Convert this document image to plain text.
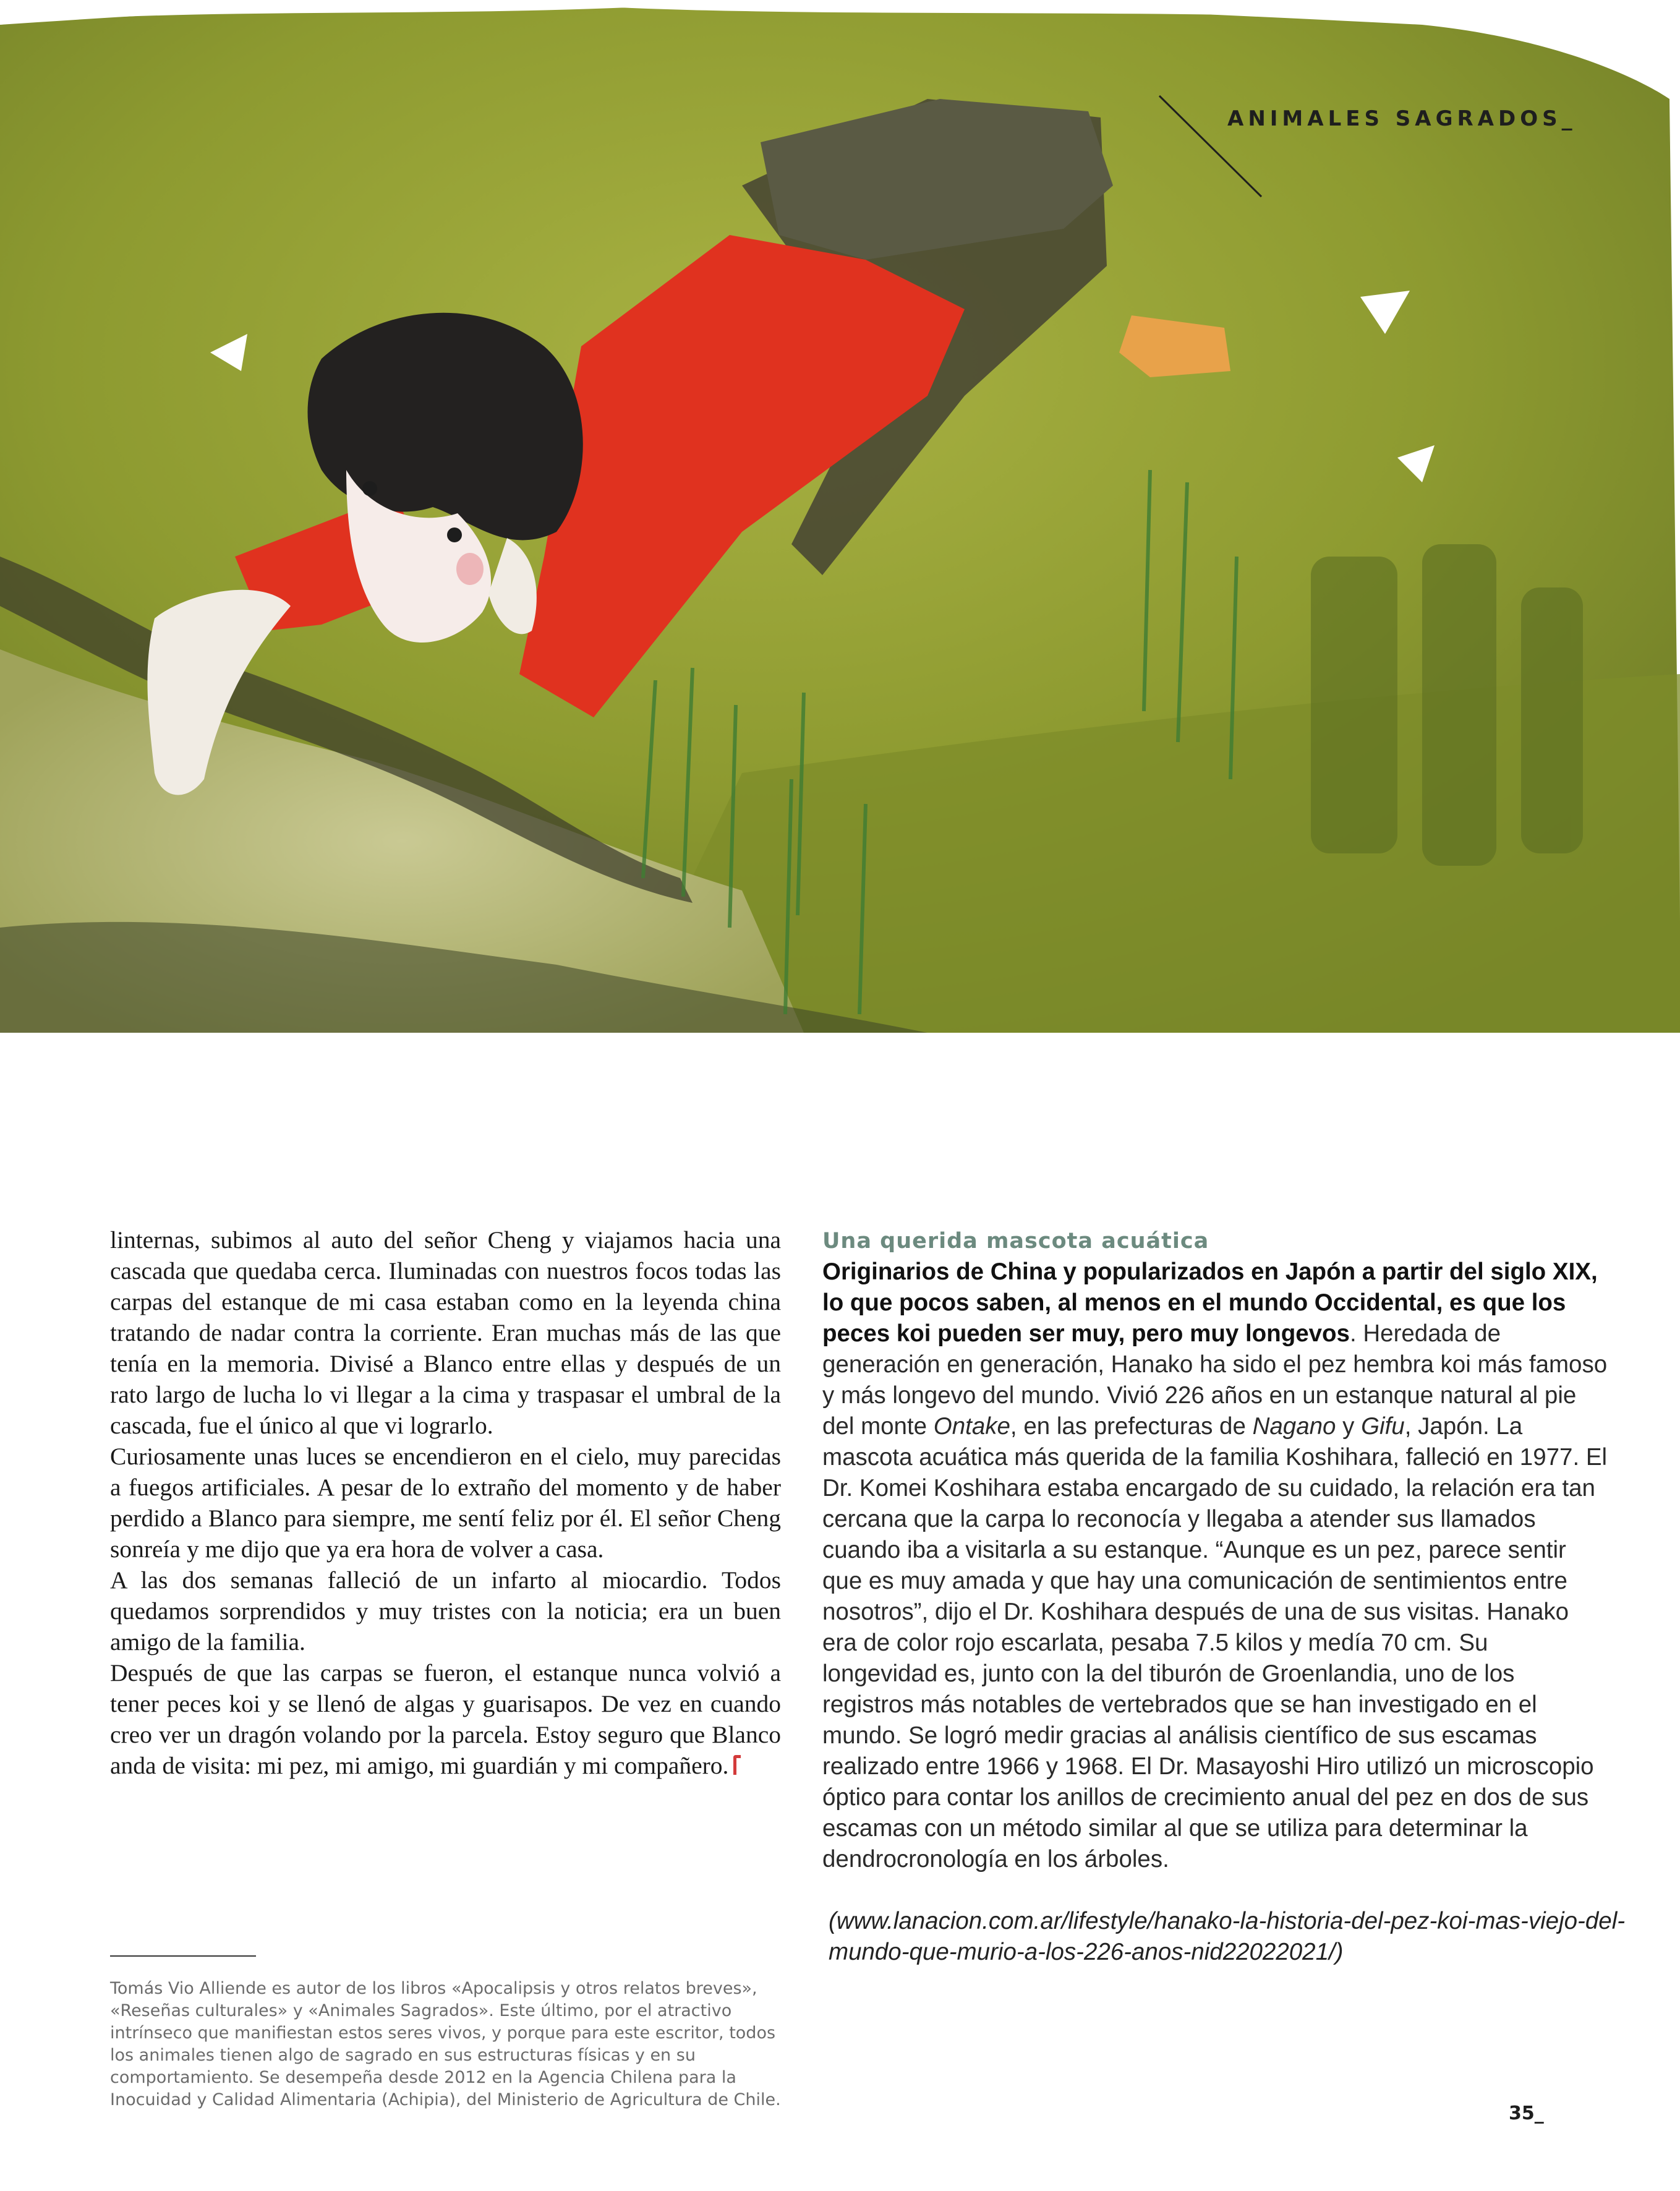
ANIMALES SAGRADOS_

linternas, subimos al auto del señor Cheng y viajamos hacia una cascada que quedaba cerca. Iluminadas con nuestros focos todas las carpas del estanque de mi casa estaban como en la leyenda china tratando de nadar contra la corriente. Eran muchas más de las que tenía en la memoria. Divisé a Blanco entre ellas y después de un rato largo de lucha lo vi llegar a la cima y traspasar el umbral de la cascada, fue el único al que vi lograrlo.

Curiosamente unas luces se encendieron en el cielo, muy parecidas a fuegos artificiales. A pesar de lo extraño del momento y de haber perdido a Blanco para siempre, me sentí feliz por él. El señor Cheng sonreía y me dijo que ya era hora de volver a casa.

A las dos semanas falleció de un infarto al miocardio. Todos quedamos sorprendidos y muy tristes con la noticia; era un buen amigo de la familia.

Después de que las carpas se fueron, el estanque nunca volvió a tener peces koi y se llenó de algas y guarisapos. De vez en cuando creo ver un dragón volando por la parcela. Estoy seguro que Blanco anda de visita: mi pez, mi amigo, mi guardián y mi compañero.

Una querida mascota acuática

Originarios de China y popularizados en Japón a partir del siglo XIX, lo que pocos saben, al menos en el mundo Occidental, es que los peces koi pueden ser muy, pero muy longevos. Heredada de generación en generación, Hanako ha sido el pez hembra koi más famoso y más longevo del mundo. Vivió 226 años en un estanque natural al pie del monte Ontake, en las prefecturas de Nagano y Gifu, Japón. La mascota acuática más querida de la familia Koshihara, falleció en 1977. El Dr. Komei Koshihara estaba encargado de su cuidado, la relación era tan cercana que la carpa lo reconocía y llegaba a atender sus llamados cuando iba a visitarla a su estanque. “Aunque es un pez, parece sentir que es muy amada y que hay una comunicación de sentimientos entre nosotros”, dijo el Dr. Koshihara después de una de sus visitas. Hanako era de color rojo escarlata, pesaba 7.5 kilos y medía 70 cm. Su longevidad es, junto con la del tiburón de Groenlandia, uno de los registros más notables de vertebrados que se han investigado en el mundo. Se logró medir gracias al análisis científico de sus escamas realizado entre 1966 y 1968. El Dr. Masayoshi Hiro utilizó un microscopio óptico para contar los anillos de crecimiento anual del pez en dos de sus escamas con un método similar al que se utiliza para determinar la dendrocronología en los árboles.

(www.lanacion.com.ar/lifestyle/hanako-la-historia-del-pez-koi-mas-viejo-del-mundo-que-murio-a-los-226-anos-nid22022021/)
Tomás Vio Alliende es autor de los libros «Apocalipsis y otros relatos breves», «Reseñas culturales» y «Animales Sagrados». Este último, por el atractivo intrínseco que manifiestan estos seres vivos, y porque para este escritor, todos los animales tienen algo de sagrado en sus estructuras físicas y en su comportamiento. Se desempeña desde 2012 en la Agencia Chilena para la Inocuidad y Calidad Alimentaria (Achipia), del Ministerio de Agricultura de Chile.
35_
